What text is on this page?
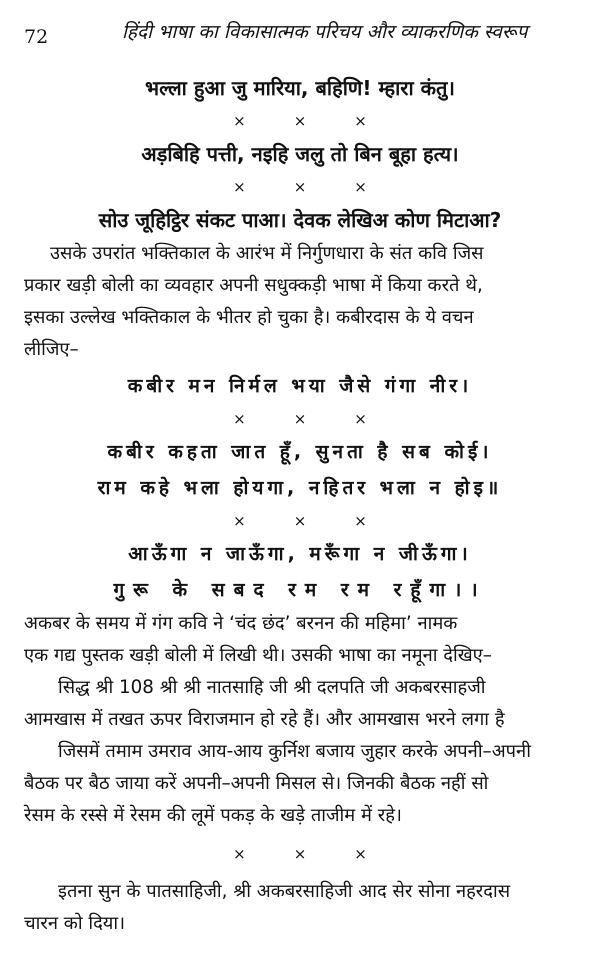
72	हिंदी भाषा का विकासात्मक परिचय और व्याकरणिक स्वरूप
भल्ला हुआ जु मारिया, बहिणि! म्हारा कंतु।
×××
अड़बिहि पत्ती, नइहि जलु तो बिन बूहा हत्य।
×××
सोउ जूहिट्ठिर संकट पाआ। देवक लेखिअ कोण मिटाआ?
उसके उपरांत भक्तिकाल के आरंभ में निर्गुणधारा के संत कवि जिस
प्रकार खड़ी बोली का व्यवहार अपनी सधुक्कड़ी भाषा में किया करते थे,
इसका उल्लेख भक्तिकाल के भीतर हो चुका है। कबीरदास के ये वचन
लीजिए–
कबीर मन निर्मल भया जैसे गंगा नीर।
×××
कबीर कहता जात हूँ, सुनता है सब कोई।
राम कहे भला होयगा, नहितर भला न होइ॥
×××
आऊँगा न जाऊँगा, मरूँगा न जीऊँगा।
गुरू के सबद रम रम रहूँगा।।
अकबर के समय में गंग कवि ने ‘चंद छंद’ बरनन की महिमा’ नामक
एक गद्य पुस्तक खड़ी बोली में लिखी थी। उसकी भाषा का नमूना देखिए–
सिद्ध श्री 108 श्री श्री नातसाहि जी श्री दलपति जी अकबरसाहजी
आमखास में तखत ऊपर विराजमान हो रहे हैं। और आमखास भरने लगा है
जिसमें तमाम उमराव आय-आय कुर्निश बजाय जुहार करके अपनी–अपनी
बैठक पर बैठ जाया करें अपनी–अपनी मिसल से। जिनकी बैठक नहीं सो
रेसम के रस्से में रेसम की लूमें पकड़ के खड़े ताजीम में रहे।
×××
इतना सुन के पातसाहिजी, श्री अकबरसाहिजी आद सेर सोना नहरदास
चारन को दिया।
